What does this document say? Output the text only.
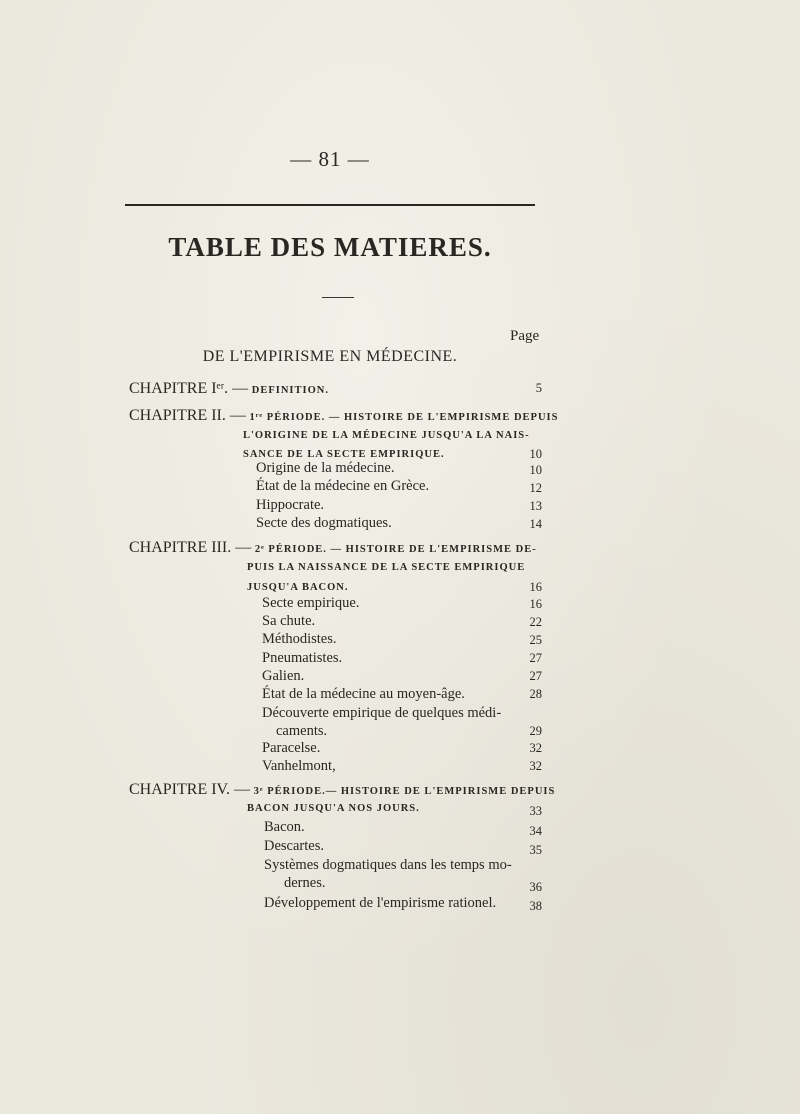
— 81 —
TABLE DES MATIERES.
Page
DE L'EMPIRISME EN MÉDECINE.
CHAPITRE Iᵉʳ. — DEFINITION.	5
CHAPITRE II. — 1ʳᵉ PÉRIODE. — HISTOIRE DE L'EMPIRISME DEPUIS
L'ORIGINE DE LA MÉDECINE JUSQU'A LA NAIS-
SANCE DE LA SECTE EMPIRIQUE.	10
Origine de la médecine.	10
État de la médecine en Grèce.	12
Hippocrate.	13
Secte des dogmatiques.	14
CHAPITRE III. — 2ᵉ PÉRIODE. — HISTOIRE DE L'EMPIRISME DE-
PUIS LA NAISSANCE DE LA SECTE EMPIRIQUE
JUSQU'A BACON.	16
Secte empirique.	16
Sa chute.	22
Méthodistes.	25
Pneumatistes.	27
Galien.	27
État de la médecine au moyen-âge.	28
Découverte empirique de quelques médi-
caments.	29
Paracelse.	32
Vanhelmont,	32
CHAPITRE IV. — 3ᵉ PÉRIODE.— HISTOIRE DE L'EMPIRISME DEPUIS
BACON JUSQU'A NOS JOURS.	33
Bacon.	34
Descartes.	35
Systèmes dogmatiques dans les temps mo-
dernes.	36
Développement de l'empirisme rationel.	38
